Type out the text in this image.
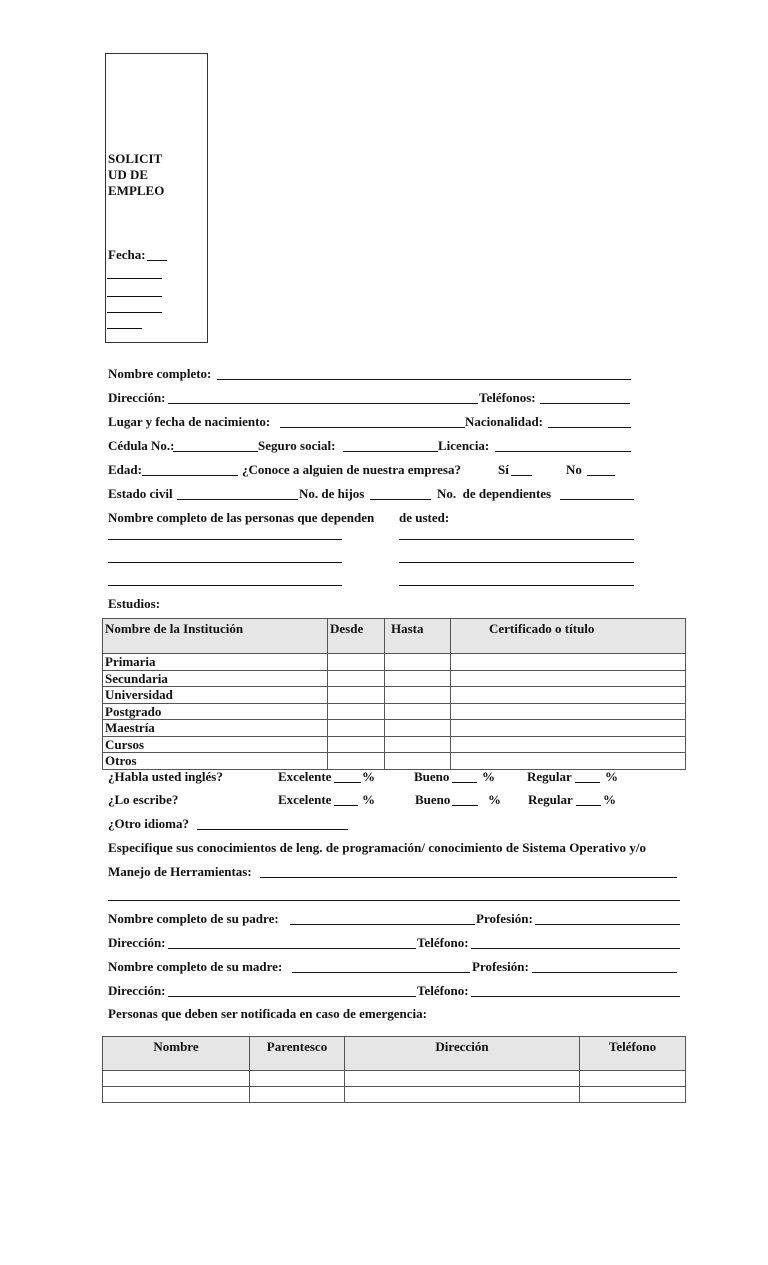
SOLICIT
UD DE
EMPLEO
Fecha:
Nombre completo:
Dirección:	Teléfonos:
Lugar y fecha de nacimiento:	Nacionalidad:
Cédula No.:	Seguro social:	Licencia:
Edad:	¿Conoce a alguien de nuestra empresa?	Sí	No
Estado civil	No. de hijos	No.  de dependientes
Nombre completo de las personas que dependen de usted:
Estudios:
Nombre de la Institución	Desde	Hasta	Certificado o título
Primaria			
Secundaria			
Universidad			
Postgrado			
Maestría			
Cursos			
Otros			
¿Habla usted inglés?	Excelente %	Bueno	% Regular	%
¿Lo escribe?	Excelente %	Bueno	% Regular %
¿Otro idioma?
Especifique sus conocimientos de leng. de programación/ conocimiento de Sistema Operativo y/o
Manejo de Herramientas:
Nombre completo de su padre:	Profesión:
Dirección:	Teléfono:
Nombre completo de su madre:	Profesión:
Dirección:	Teléfono:
Personas que deben ser notificada en caso de emergencia:
Nombre	Parentesco	Dirección	Teléfono
